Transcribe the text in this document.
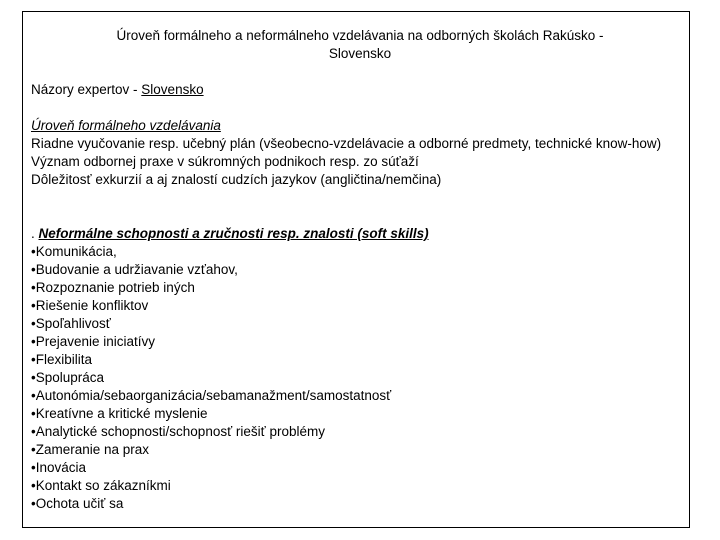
Úroveň formálneho a neformálneho vzdelávania na odborných školách Rakúsko -
Slovensko
Názory expertov - Slovensko
Úroveň formálneho vzdelávania
Riadne vyučovanie resp. učebný plán (všeobecno-vzdelávacie a odborné predmety, technické know-how)
Význam odbornej praxe v súkromných podnikoch resp. zo súťaží
Dôležitosť exkurzií a aj znalostí cudzích jazykov (angličtina/nemčina)
. Neformálne schopnosti a zručnosti resp. znalosti (soft skills)
•Komunikácia,
•Budovanie a udržiavanie vzťahov,
•Rozpoznanie potrieb iných
•Riešenie konfliktov
•Spoľahlivosť
•Prejavenie iniciatívy
•Flexibilita
•Spolupráca
•Autonómia/sebaorganizácia/sebamanažment/samostatnosť
•Kreatívne a kritické myslenie
•Analytické schopnosti/schopnosť riešiť problémy
•Zameranie na prax
•Inovácia
•Kontakt so zákazníkmi
•Ochota učiť sa
